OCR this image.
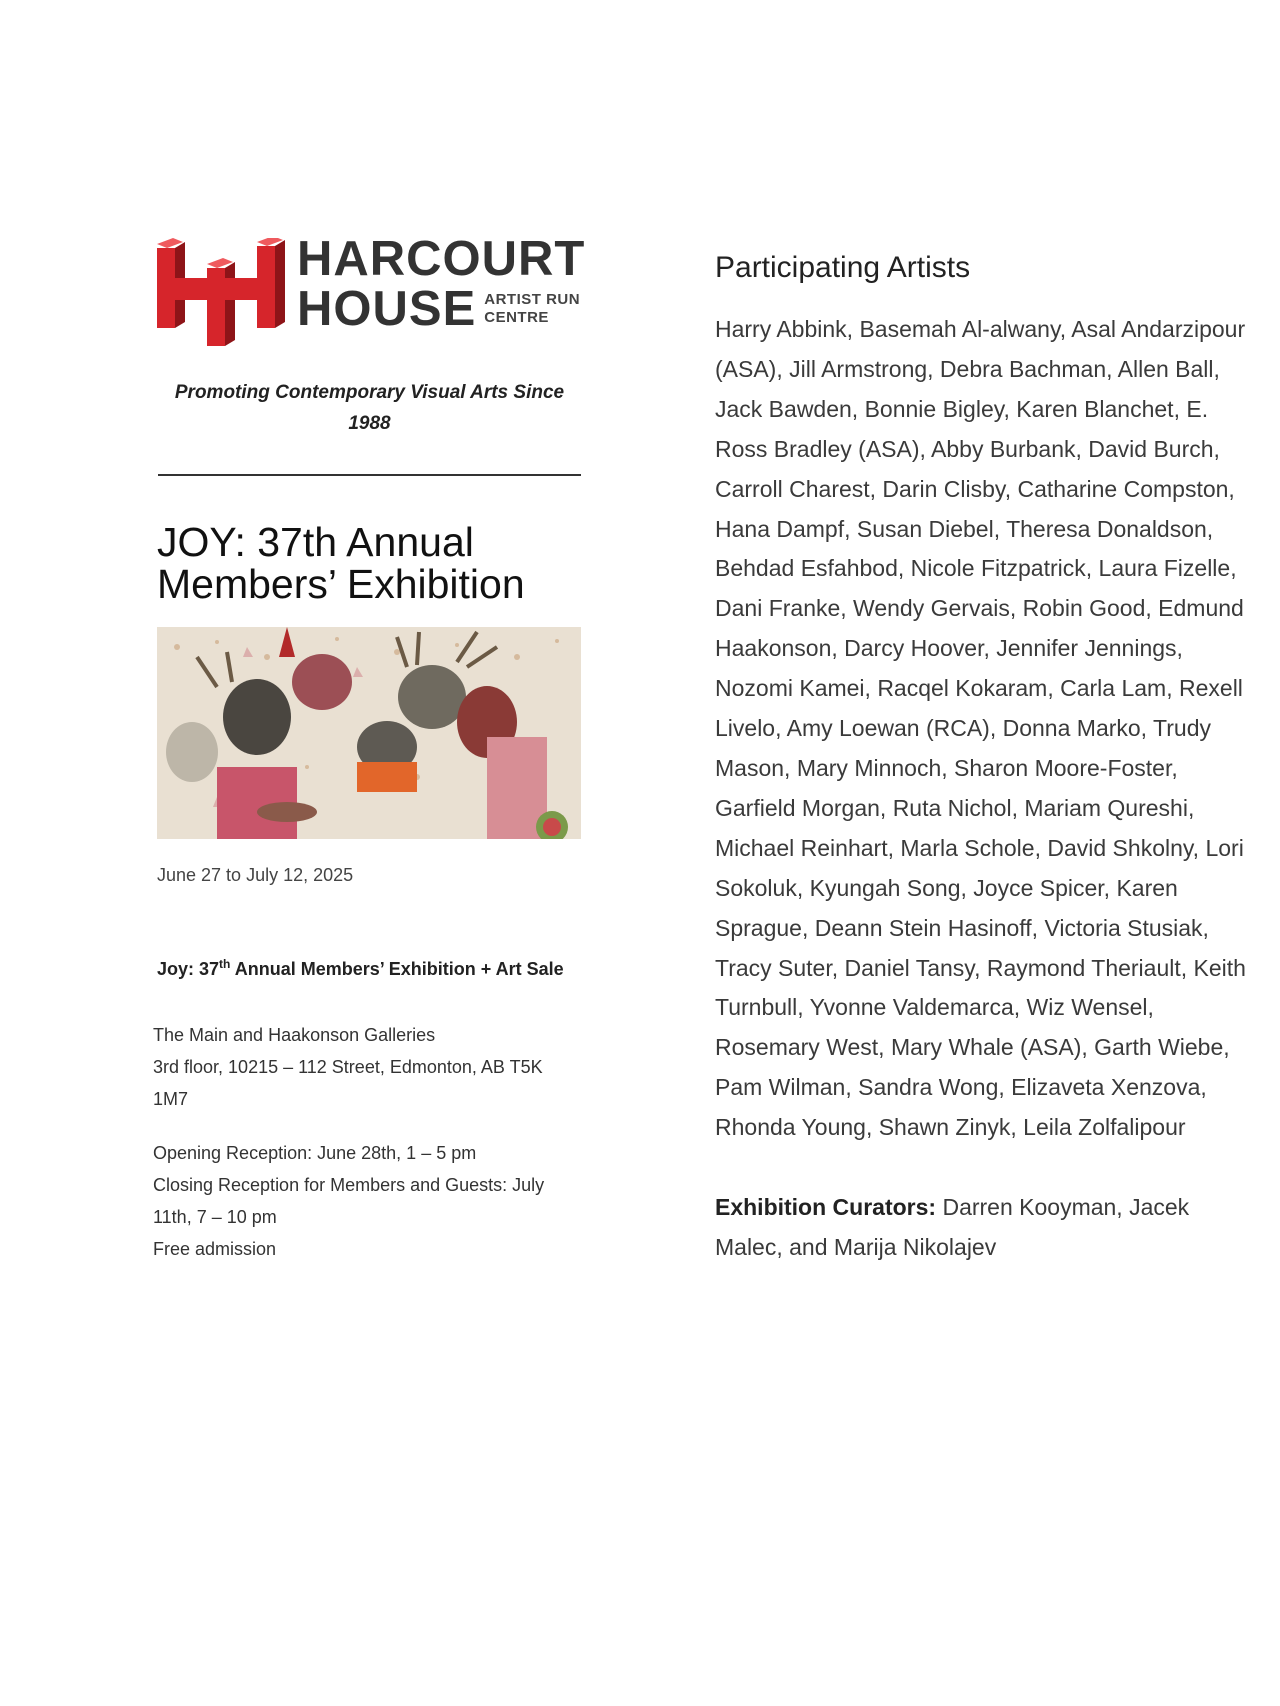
HARCOURT
HOUSE ARTIST RUN
CENTRE
Promoting Contemporary Visual Arts Since 1988
JOY: 37th Annual
Members’ Exhibition
June 27 to July 12, 2025
Joy: 37th Annual Members’ Exhibition + Art Sale
The Main and Haakonson Galleries
3rd floor, 10215 – 112 Street, Edmonton, AB T5K 1M7
Opening Reception: June 28th, 1 – 5 pm
Closing Reception for Members and Guests: July 11th, 7 – 10 pm
Free admission
Participating Artists
Harry Abbink, Basemah Al-alwany, Asal Andarzipour (ASA), Jill Armstrong, Debra Bachman, Allen Ball, Jack Bawden, Bonnie Bigley, Karen Blanchet, E. Ross Bradley (ASA), Abby Burbank, David Burch, Carroll Charest, Darin Clisby, Catharine Compston, Hana Dampf, Susan Diebel, Theresa Donaldson, Behdad Esfahbod, Nicole Fitzpatrick, Laura Fizelle, Dani Franke, Wendy Gervais, Robin Good, Edmund Haakonson, Darcy Hoover, Jennifer Jennings, Nozomi Kamei, Racqel Kokaram, Carla Lam, Rexell Livelo, Amy Loewan (RCA), Donna Marko, Trudy Mason, Mary Minnoch, Sharon Moore-Foster, Garfield Morgan, Ruta Nichol, Mariam Qureshi, Michael Reinhart, Marla Schole, David Shkolny, Lori Sokoluk, Kyungah Song, Joyce Spicer, Karen Sprague, Deann Stein Hasinoff, Victoria Stusiak, Tracy Suter, Daniel Tansy, Raymond Theriault, Keith Turnbull, Yvonne Valdemarca, Wiz Wensel, Rosemary West, Mary Whale (ASA), Garth Wiebe, Pam Wilman, Sandra Wong, Elizaveta Xenzova, Rhonda Young, Shawn Zinyk, Leila Zolfalipour
Exhibition Curators: Darren Kooyman, Jacek Malec, and Marija Nikolajev
